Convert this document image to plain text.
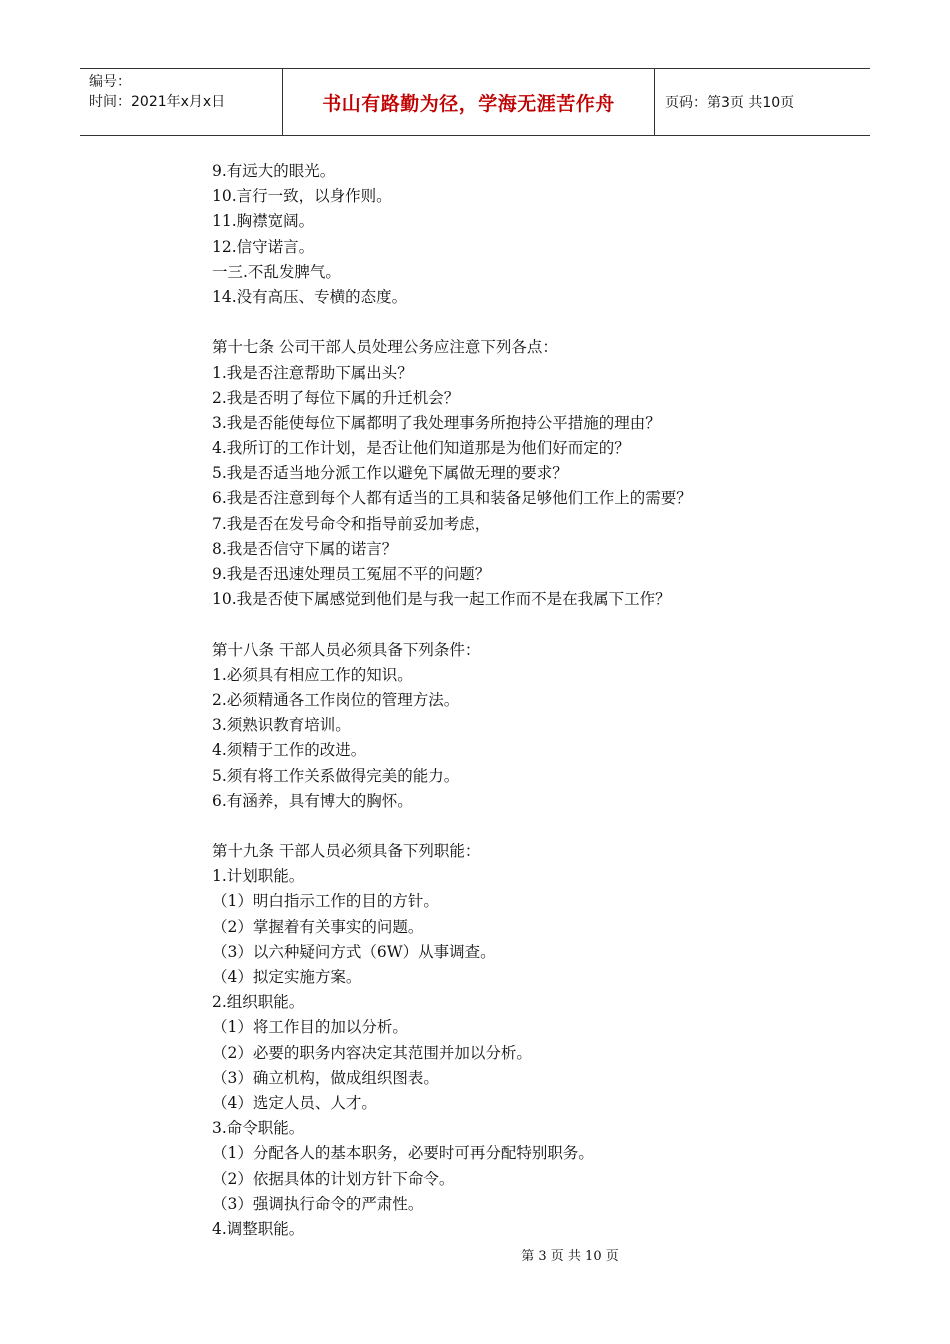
编号：
时间：2021年x月x日	书山有路勤为径，学海无涯苦作舟	页码：第3页 共10页
9.有远大的眼光。
10.言行一致，以身作则。
11.胸襟宽阔。
12.信守诺言。
一三.不乱发脾气。
14.没有高压、专横的态度。
第十七条 公司干部人员处理公务应注意下列各点：
1.我是否注意帮助下属出头？
2.我是否明了每位下属的升迁机会？
3.我是否能使每位下属都明了我处理事务所抱持公平措施的理由？
4.我所订的工作计划，是否让他们知道那是为他们好而定的？
5.我是否适当地分派工作以避免下属做无理的要求？
6.我是否注意到每个人都有适当的工具和装备足够他们工作上的需要？
7.我是否在发号命令和指导前妥加考虑，
8.我是否信守下属的诺言？
9.我是否迅速处理员工冤屈不平的问题？
10.我是否使下属感觉到他们是与我一起工作而不是在我属下工作？
第十八条 干部人员必须具备下列条件：
1.必须具有相应工作的知识。
2.必须精通各工作岗位的管理方法。
3.须熟识教育培训。
4.须精于工作的改进。
5.须有将工作关系做得完美的能力。
6.有涵养，具有博大的胸怀。
第十九条 干部人员必须具备下列职能：
1.计划职能。
（1）明白指示工作的目的方针。
（2）掌握着有关事实的问题。
（3）以六种疑问方式（6W）从事调查。
（4）拟定实施方案。
2.组织职能。
（1）将工作目的加以分析。
（2）必要的职务内容决定其范围并加以分析。
（3）确立机构，做成组织图表。
（4）选定人员、人才。
3.命令职能。
（1）分配各人的基本职务，必要时可再分配特别职务。
（2）依据具体的计划方针下命令。
（3）强调执行命令的严肃性。
4.调整职能。
第 3 页 共 10 页
